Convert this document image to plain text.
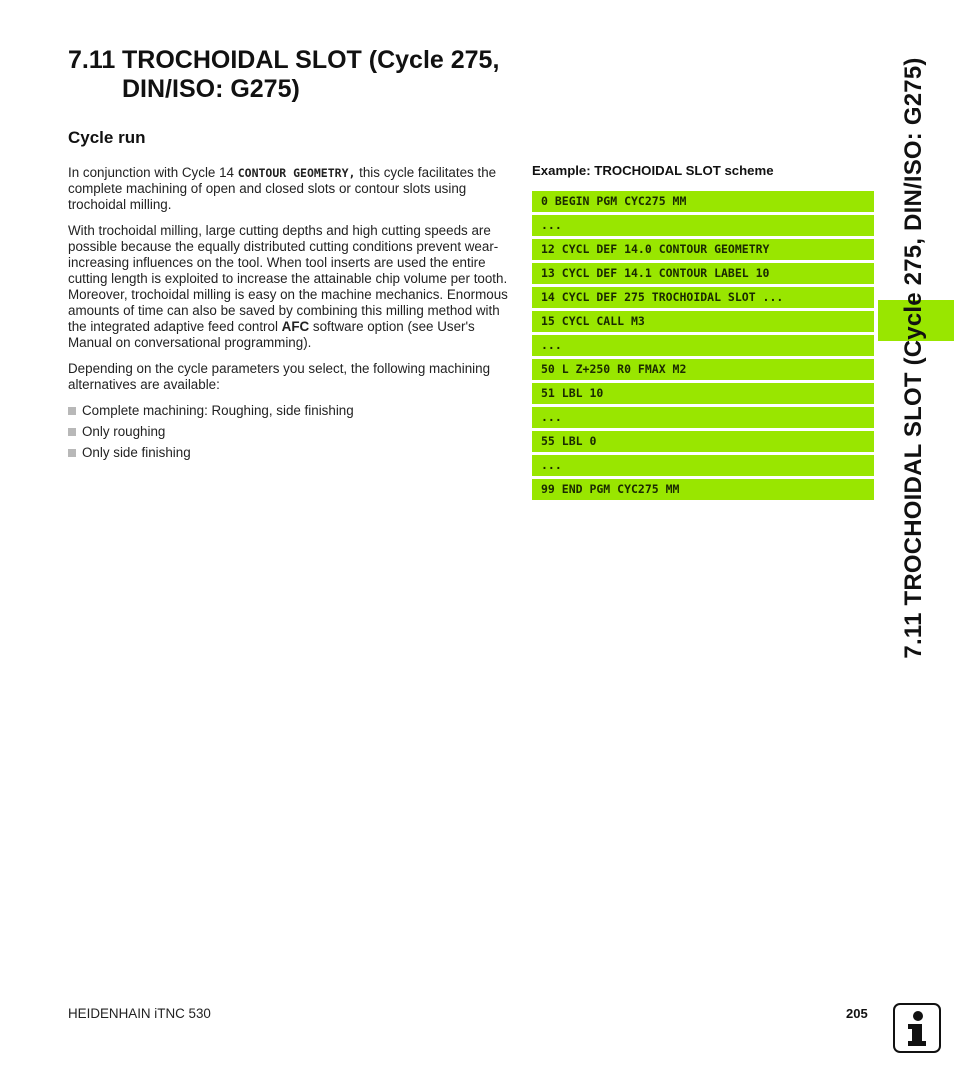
7.11 TROCHOIDAL SLOT (Cycle 275,
DIN/ISO: G275)
Cycle run

In conjunction with Cycle 14 CONTOUR GEOMETRY, this cycle facilitates the complete machining of open and closed slots or contour slots using trochoidal milling.

With trochoidal milling, large cutting depths and high cutting speeds are possible because the equally distributed cutting conditions prevent wear-increasing influences on the tool. When tool inserts are used the entire cutting length is exploited to increase the attainable chip volume per tooth. Moreover, trochoidal milling is easy on the machine mechanics. Enormous amounts of time can also be saved by combining this milling method with the integrated adaptive feed control AFC software option (see User's Manual on conversational programming).

Depending on the cycle parameters you select, the following machining alternatives are available:

Complete machining: Roughing, side finishing
Only roughing
Only side finishing
Example: TROCHOIDAL SLOT scheme
0 BEGIN PGM CYC275 MM
...
12 CYCL DEF 14.0 CONTOUR GEOMETRY
13 CYCL DEF 14.1 CONTOUR LABEL 10
14 CYCL DEF 275 TROCHOIDAL SLOT ...
15 CYCL CALL M3
...
50 L Z+250 R0 FMAX M2
51 LBL 10
...
55 LBL 0
...
99 END PGM CYC275 MM	7.11 TROCHOIDAL SLOT (Cycle 275, DIN/ISO: G275)
HEIDENHAIN iTNC 530	205
